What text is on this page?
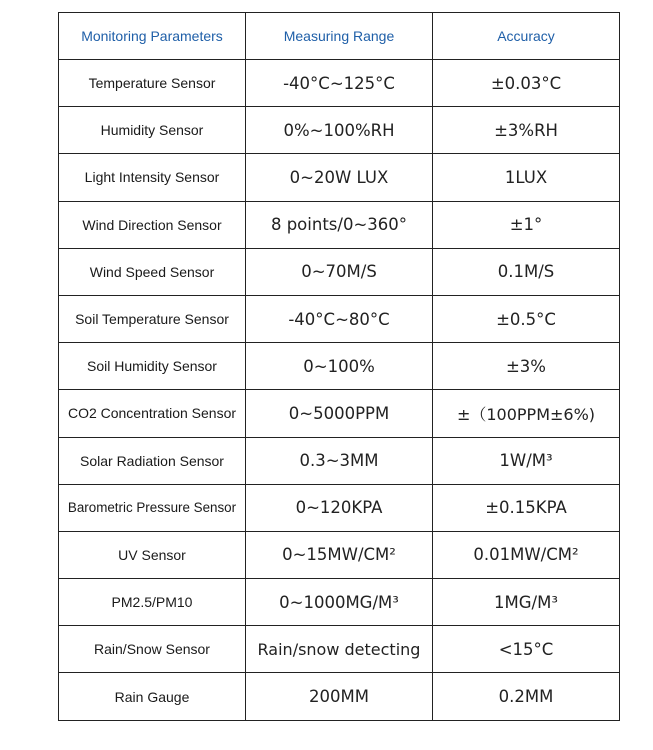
Monitoring Parameters	Measuring Range	Accuracy
Temperature Sensor	-40°C~125°C	±0.03°C
Humidity Sensor	0%~100%RH	±3%RH
Light Intensity Sensor	0~20W LUX	1LUX
Wind Direction Sensor	8 points/0~360°	±1°
Wind Speed Sensor	0~70M/S	0.1M/S
Soil Temperature Sensor	-40°C~80°C	±0.5°C
Soil Humidity Sensor	0~100%	±3%
CO2 Concentration Sensor	0~5000PPM	±（100PPM±6%)
Solar Radiation Sensor	0.3~3MM	1W/M³
Barometric Pressure Sensor	0~120KPA	±0.15KPA
UV Sensor	0~15MW/CM²	0.01MW/CM²
PM2.5/PM10	0~1000MG/M³	1MG/M³
Rain/Snow Sensor	Rain/snow detecting	<15°C
Rain Gauge	200MM	0.2MM
